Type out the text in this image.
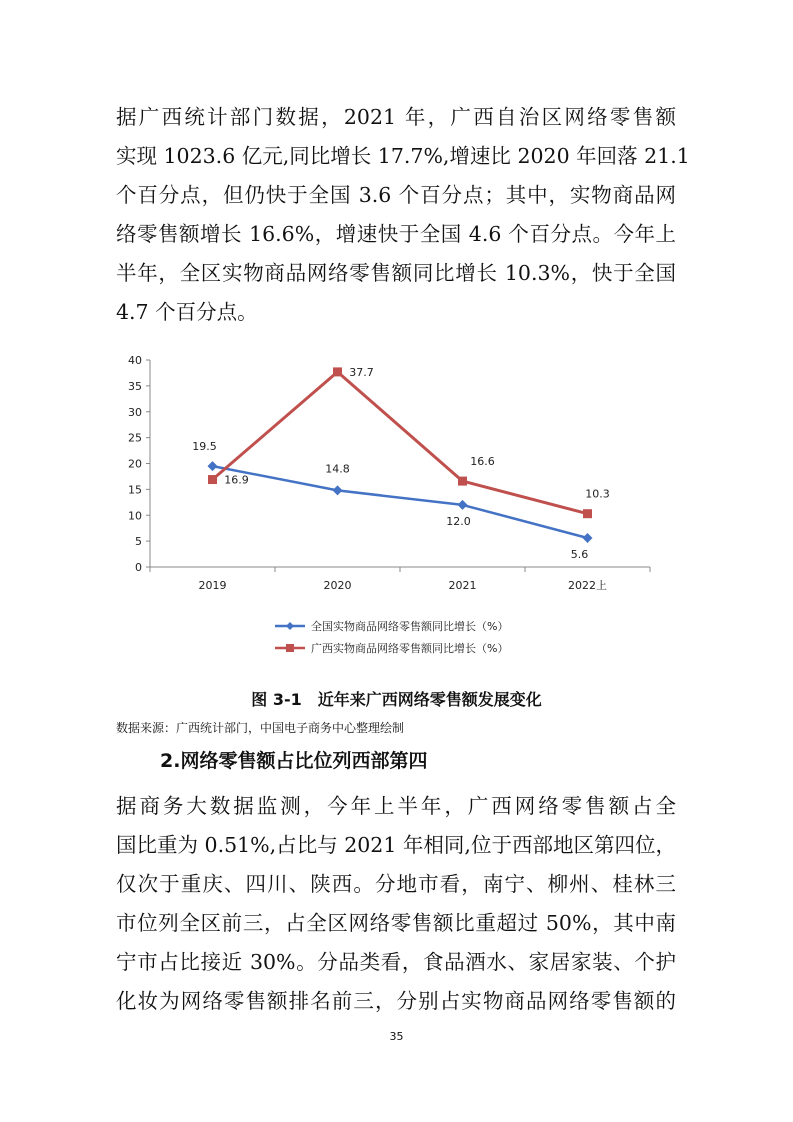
据广西统计部门数据，2021 年，广西自治区网络零售额
实现 1023.6 亿元,同比增长 17.7%,增速比 2020 年回落 21.1
个百分点，但仍快于全国 3.6 个百分点；其中，实物商品网
络零售额增长 16.6%，增速快于全国 4.6 个百分点。今年上
半年，全区实物商品网络零售额同比增长 10.3%，快于全国
4.7 个百分点。
0
5
10
15
20
25
30
35
40
2019	2020	2021	2022上
19.5
14.8
12.0
5.6
16.9
37.7
16.6
10.3
全国实物商品网络零售额同比增长（%）
广西实物商品网络零售额同比增长（%）
图 3-1　近年来广西网络零售额发展变化
数据来源：广西统计部门，中国电子商务中心整理绘制
2.网络零售额占比位列西部第四
据商务大数据监测，今年上半年，广西网络零售额占全
国比重为 0.51%,占比与 2021 年相同,位于西部地区第四位，
仅次于重庆、四川、陕西。分地市看，南宁、柳州、桂林三
市位列全区前三，占全区网络零售额比重超过 50%，其中南
宁市占比接近 30%。分品类看，食品酒水、家居家装、个护
化妆为网络零售额排名前三，分别占实物商品网络零售额的
35
